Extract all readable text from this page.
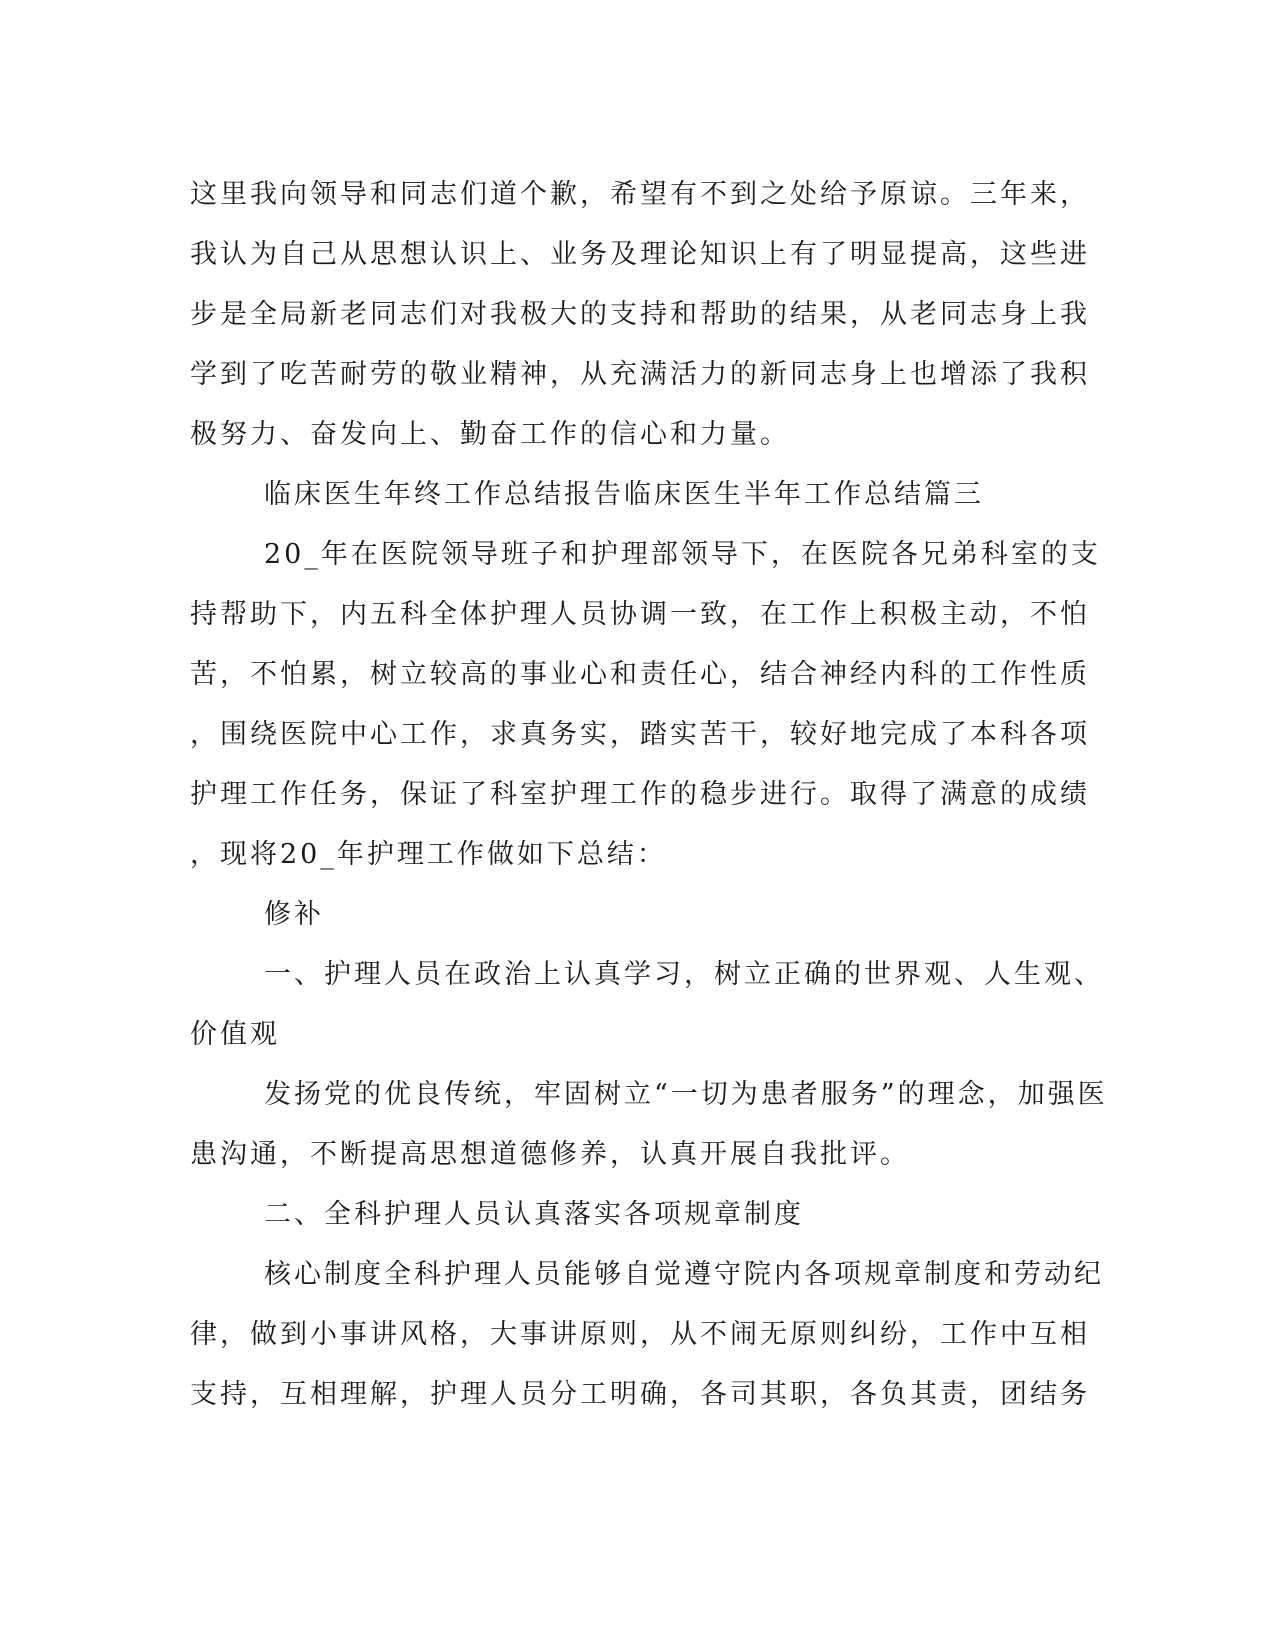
这里我向领导和同志们道个歉，希望有不到之处给予原谅。三年来，
我认为自己从思想认识上、业务及理论知识上有了明显提高，这些进
步是全局新老同志们对我极大的支持和帮助的结果，从老同志身上我
学到了吃苦耐劳的敬业精神，从充满活力的新同志身上也增添了我积
极努力、奋发向上、勤奋工作的信心和力量。
临床医生年终工作总结报告临床医生半年工作总结篇三
20_年在医院领导班子和护理部领导下，在医院各兄弟科室的支
持帮助下，内五科全体护理人员协调一致，在工作上积极主动，不怕
苦，不怕累，树立较高的事业心和责任心，结合神经内科的工作性质
，围绕医院中心工作，求真务实，踏实苦干，较好地完成了本科各项
护理工作任务，保证了科室护理工作的稳步进行。取得了满意的成绩
，现将20_年护理工作做如下总结：
修补
一、护理人员在政治上认真学习，树立正确的世界观、人生观、
价值观
发扬党的优良传统，牢固树立“一切为患者服务”的理念，加强医
患沟通，不断提高思想道德修养，认真开展自我批评。
二、全科护理人员认真落实各项规章制度
核心制度全科护理人员能够自觉遵守院内各项规章制度和劳动纪
律，做到小事讲风格，大事讲原则，从不闹无原则纠纷，工作中互相
支持，互相理解，护理人员分工明确，各司其职，各负其责，团结务
